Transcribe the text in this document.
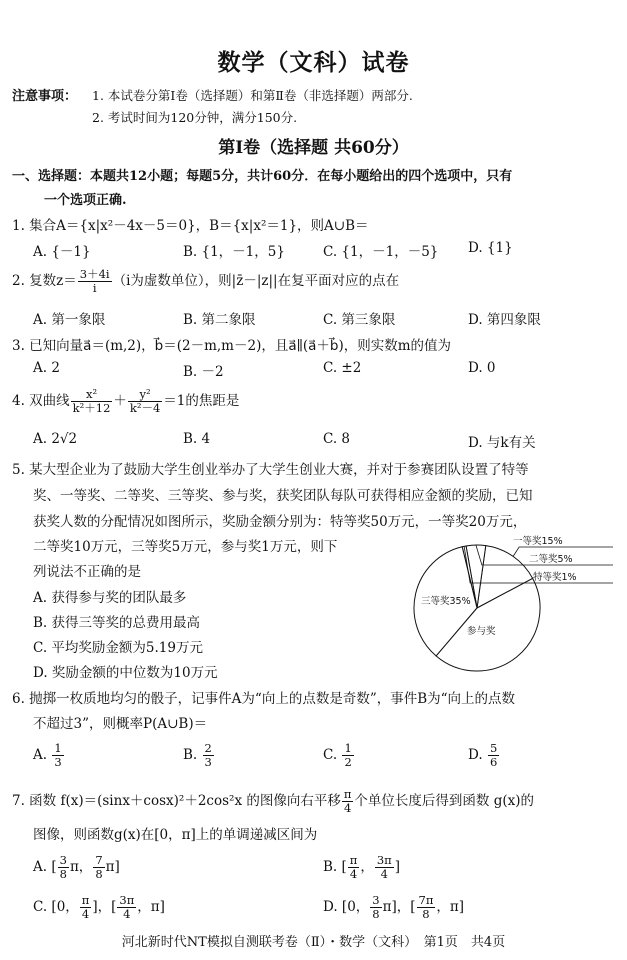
数学（文科）试卷
注意事项： 1. 本试卷分第Ⅰ卷（选择题）和第Ⅱ卷（非选择题）两部分.
2. 考试时间为120分钟，满分150分.
第Ⅰ卷（选择题 共60分）
一、选择题：本题共12小题；每题5分，共计60分．在每小题给出的四个选项中，只有
一个选项正确.
1. 集合A＝{x|x²－4x－5＝0}，B＝{x|x²＝1}，则A∪B＝
A. {－1}	B. {1，－1，5}	C. {1，－1，－5} D. {1}
2. 复数$z= \frac{3+4i}{i} (i$为虚数单位），则|z̄－|z||在复平面对应的点在
A. 第一象限	B. 第二象限	C. 第三象限	D. 第四象限
3. 已知向量a⃗＝(m,2)，b⃗＝(2－m,m－2)，且a⃗∥(a⃗＋b⃗)，则实数m的值为
A. 2	B. －2	C. ±2	D. 0
4. 双曲线 $\frac{\text{x²}}{\text{k²＋12}} + \frac{\text{y²}}{\text{k²－4}} =1$的焦距是
A. 2√2	B. 4	C. 8	D. 与k有关
5. 某大型企业为了鼓励大学生创业举办了大学生创业大赛，并对于参赛团队设置了特等
奖、一等奖、二等奖、三等奖、参与奖，获奖团队每队可获得相应金额的奖励，已知
获奖人数的分配情况如图所示，奖励金额分别为：特等奖50万元，一等奖20万元，
二等奖10万元，三等奖5万元，参与奖1万元，则下
列说法不正确的是
A. 获得参与奖的团队最多
B. 获得三等奖的总费用最高
C. 平均奖励金额为5.19万元
D. 奖励金额的中位数为10万元
一等奖15%
二等奖5%
特等奖1%
三等奖35%
参与奖
6. 抛掷一枚质地均匀的骰子，记事件A为“向上的点数是奇数”，事件B为“向上的点数
不超过3”，则概率P(A∪B)＝
A. $\frac{1}{3}$	B. $\frac{2}{3}$	C. $\frac{1}{2}$	D. $\frac{5}{6}$
7. 函数 f(x)＝(sinx＋cosx)²＋2cos²x 的图像向右平移 $\frac{\pi}{4}$ 个单位长度后得到函数 g(x)的
图像，则函数g(x)在[0，π]上的单调递减区间为
A. [ $\frac{3}{8}$ π， $\frac{7}{8} \pi$]	B. [ $\frac{\pi}{4}$ ， $\frac{3\pi}{4}$ ]
C. [0， $\frac{\pi}{4}$ ]，[ $\frac{3\pi}{4}$ ，π]	D. [0， $\frac{3}{8} \pi$]，[ $\frac{7\pi}{8}$ ，π]
河北新时代NT模拟自测联考卷（Ⅱ）・数学（文科）　第1页　共4页
